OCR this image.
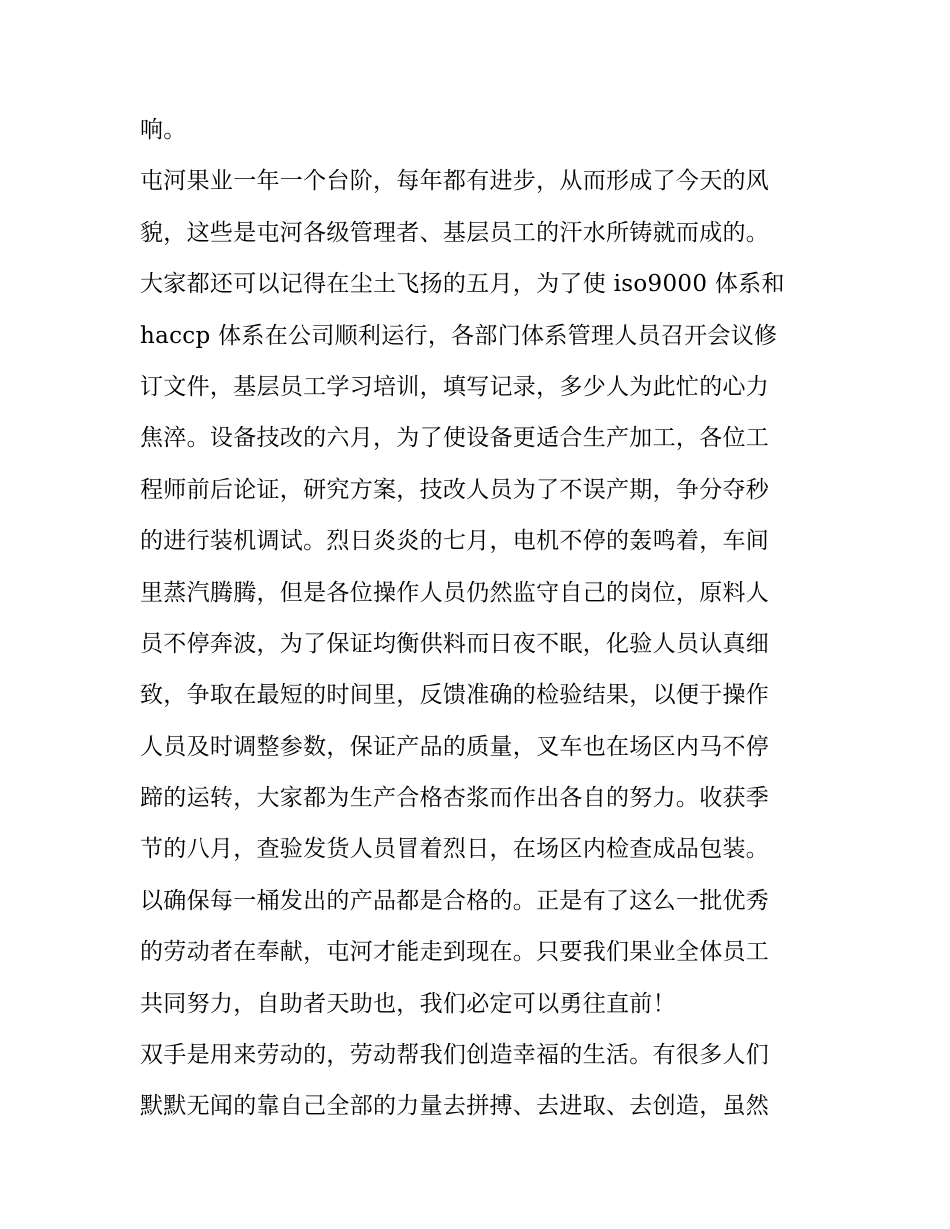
响。
屯河果业一年一个台阶，每年都有进步，从而形成了今天的风
貌，这些是屯河各级管理者、基层员工的汗水所铸就而成的。
大家都还可以记得在尘土飞扬的五月，为了使 iso9000 体系和
haccp 体系在公司顺利运行，各部门体系管理人员召开会议修
订文件，基层员工学习培训，填写记录，多少人为此忙的心力
焦淬。设备技改的六月，为了使设备更适合生产加工，各位工
程师前后论证，研究方案，技改人员为了不误产期，争分夺秒
的进行装机调试。烈日炎炎的七月，电机不停的轰鸣着，车间
里蒸汽腾腾，但是各位操作人员仍然监守自己的岗位，原料人
员不停奔波，为了保证均衡供料而日夜不眠，化验人员认真细
致，争取在最短的时间里，反馈准确的检验结果，以便于操作
人员及时调整参数，保证产品的质量，叉车也在场区内马不停
蹄的运转，大家都为生产合格杏浆而作出各自的努力。收获季
节的八月，查验发货人员冒着烈日，在场区内检查成品包装。
以确保每一桶发出的产品都是合格的。正是有了这么一批优秀
的劳动者在奉献，屯河才能走到现在。只要我们果业全体员工
共同努力，自助者天助也，我们必定可以勇往直前！
双手是用来劳动的，劳动帮我们创造幸福的生活。有很多人们
默默无闻的靠自己全部的力量去拼搏、去进取、去创造，虽然
